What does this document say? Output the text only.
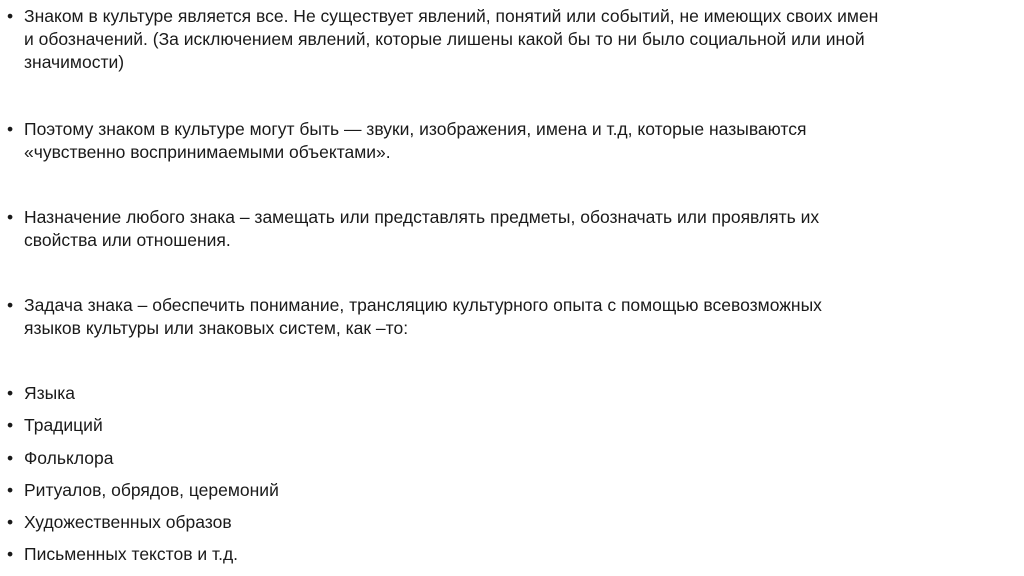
• Знаком в культуре является все. Не существует явлений, понятий или событий, не имеющих своих имен
и обозначений. (За исключением явлений, которые лишены какой бы то ни было социальной или иной
значимости)
• Поэтому знаком в культуре могут быть — звуки, изображения, имена и т.д, которые называются
«чувственно воспринимаемыми объектами».
• Назначение любого знака – замещать или представлять предметы, обозначать или проявлять их
свойства или отношения.
• Задача знака – обеспечить понимание, трансляцию культурного опыта с помощью всевозможных
языков культуры или знаковых систем, как –то:
• Языка
• Традиций
• Фольклора
• Ритуалов, обрядов, церемоний
• Художественных образов
• Письменных текстов и т.д.
